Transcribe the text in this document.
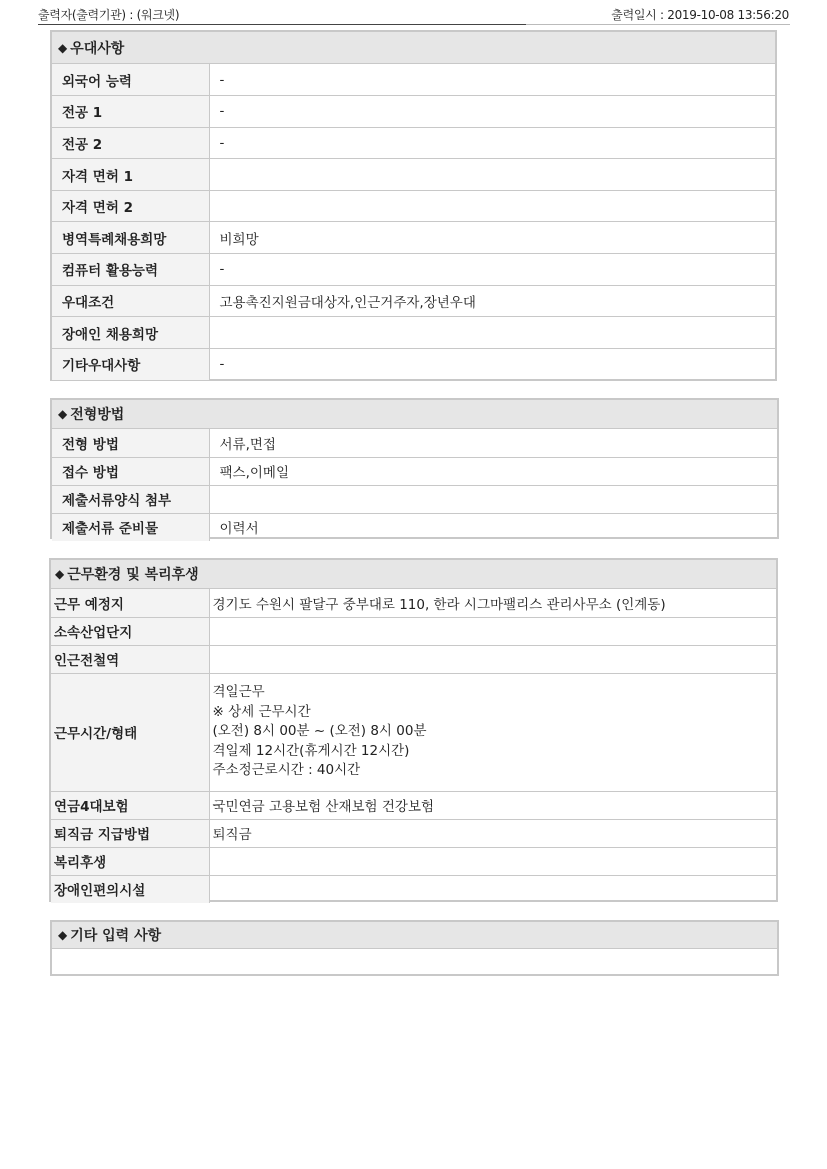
출력자(출력기관) : (워크넷)	출력일시 : 2019-10-08 13:56:20
◆ 우대사항
외국어 능력	-
전공 1	-
전공 2	-
자격 면허 1	
자격 면허 2	
병역특례채용희망	비희망
컴퓨터 활용능력	-
우대조건	고용촉진지원금대상자,인근거주자,장년우대
장애인 채용희망	
기타우대사항	-
◆ 전형방법
전형 방법	서류,면접
접수 방법	팩스,이메일
제출서류양식 첨부	
제출서류 준비물	이력서
◆ 근무환경 및 복리후생
근무 예정지	경기도 수원시 팔달구 중부대로 110, 한라 시그마팰리스 관리사무소 (인계동)
소속산업단지	
인근전철역	
근무시간/형태	격일근무
※ 상세 근무시간
(오전) 8시 00분 ~ (오전) 8시 00분
격일제 12시간(휴게시간 12시간)
주소정근로시간 : 40시간

연금4대보험	국민연금 고용보험 산재보험 건강보험
퇴직금 지급방법	퇴직금
복리후생	
장애인편의시설	
◆ 기타 입력 사항
